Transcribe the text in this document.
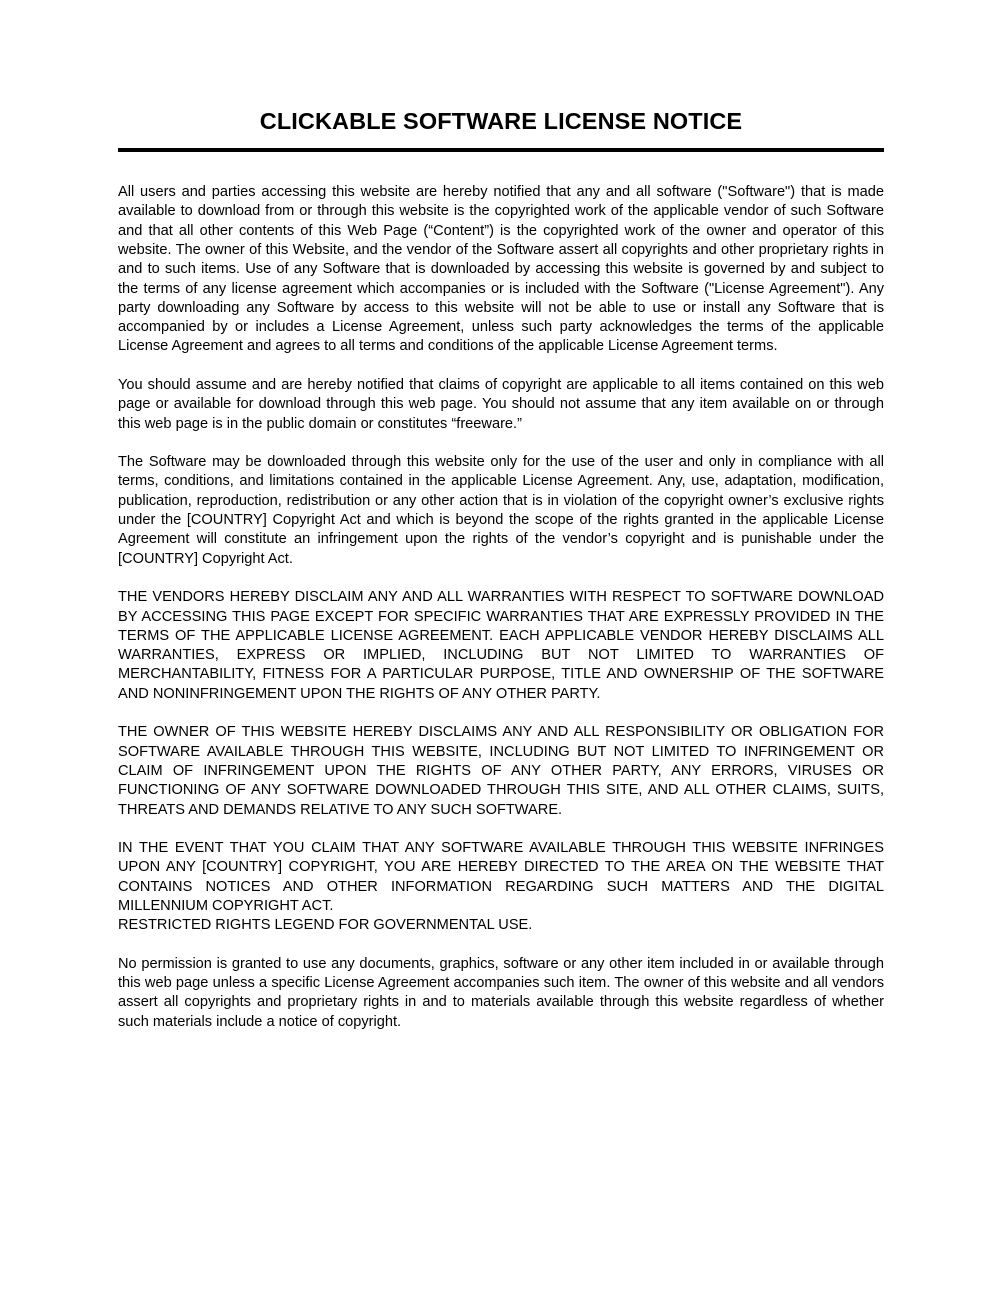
CLICKABLE SOFTWARE LICENSE NOTICE

All users and parties accessing this website are hereby notified that any and all software ("Software") that is made available to download from or through this website is the copyrighted work of the applicable vendor of such Software and that all other contents of this Web Page (“Content”) is the copyrighted work of the owner and operator of this website. The owner of this Website, and the vendor of the Software assert all copyrights and other proprietary rights in and to such items. Use of any Software that is downloaded by accessing this website is governed by and subject to the terms of any license agreement which accompanies or is included with the Software ("License Agreement"). Any party downloading any Software by access to this website will not be able to use or install any Software that is accompanied by or includes a License Agreement, unless such party acknowledges the terms of the applicable License Agreement and agrees to all terms and conditions of the applicable License Agreement terms.

You should assume and are hereby notified that claims of copyright are applicable to all items contained on this web page or available for download through this web page. You should not assume that any item available on or through this web page is in the public domain or constitutes “freeware.”

The Software may be downloaded through this website only for the use of the user and only in compliance with all terms, conditions, and limitations contained in the applicable License Agreement. Any, use, adaptation, modification, publication, reproduction, redistribution or any other action that is in violation of the copyright owner’s exclusive rights under the [COUNTRY] Copyright Act and which is beyond the scope of the rights granted in the applicable License Agreement will constitute an infringement upon the rights of the vendor’s copyright and is punishable under the [COUNTRY] Copyright Act.

THE VENDORS HEREBY DISCLAIM ANY AND ALL WARRANTIES WITH RESPECT TO SOFTWARE DOWNLOAD BY ACCESSING THIS PAGE EXCEPT FOR SPECIFIC WARRANTIES THAT ARE EXPRESSLY PROVIDED IN THE TERMS OF THE APPLICABLE LICENSE AGREEMENT. EACH APPLICABLE VENDOR HEREBY DISCLAIMS ALL WARRANTIES, EXPRESS OR IMPLIED, INCLUDING BUT NOT LIMITED TO WARRANTIES OF MERCHANTABILITY, FITNESS FOR A PARTICULAR PURPOSE, TITLE AND OWNERSHIP OF THE SOFTWARE AND NONINFRINGEMENT UPON THE RIGHTS OF ANY OTHER PARTY.

THE OWNER OF THIS WEBSITE HEREBY DISCLAIMS ANY AND ALL RESPONSIBILITY OR OBLIGATION FOR SOFTWARE AVAILABLE THROUGH THIS WEBSITE, INCLUDING BUT NOT LIMITED TO INFRINGEMENT OR CLAIM OF INFRINGEMENT UPON THE RIGHTS OF ANY OTHER PARTY, ANY ERRORS, VIRUSES OR FUNCTIONING OF ANY SOFTWARE DOWNLOADED THROUGH THIS SITE, AND ALL OTHER CLAIMS, SUITS, THREATS AND DEMANDS RELATIVE TO ANY SUCH SOFTWARE.

IN THE EVENT THAT YOU CLAIM THAT ANY SOFTWARE AVAILABLE THROUGH THIS WEBSITE INFRINGES UPON ANY [COUNTRY] COPYRIGHT, YOU ARE HEREBY DIRECTED TO THE AREA ON THE WEBSITE THAT CONTAINS NOTICES AND OTHER INFORMATION REGARDING SUCH MATTERS AND THE DIGITAL MILLENNIUM COPYRIGHT ACT.

RESTRICTED RIGHTS LEGEND FOR GOVERNMENTAL USE.

No permission is granted to use any documents, graphics, software or any other item included in or available through this web page unless a specific License Agreement accompanies such item. The owner of this website and all vendors assert all copyrights and proprietary rights in and to materials available through this website regardless of whether such materials include a notice of copyright.
